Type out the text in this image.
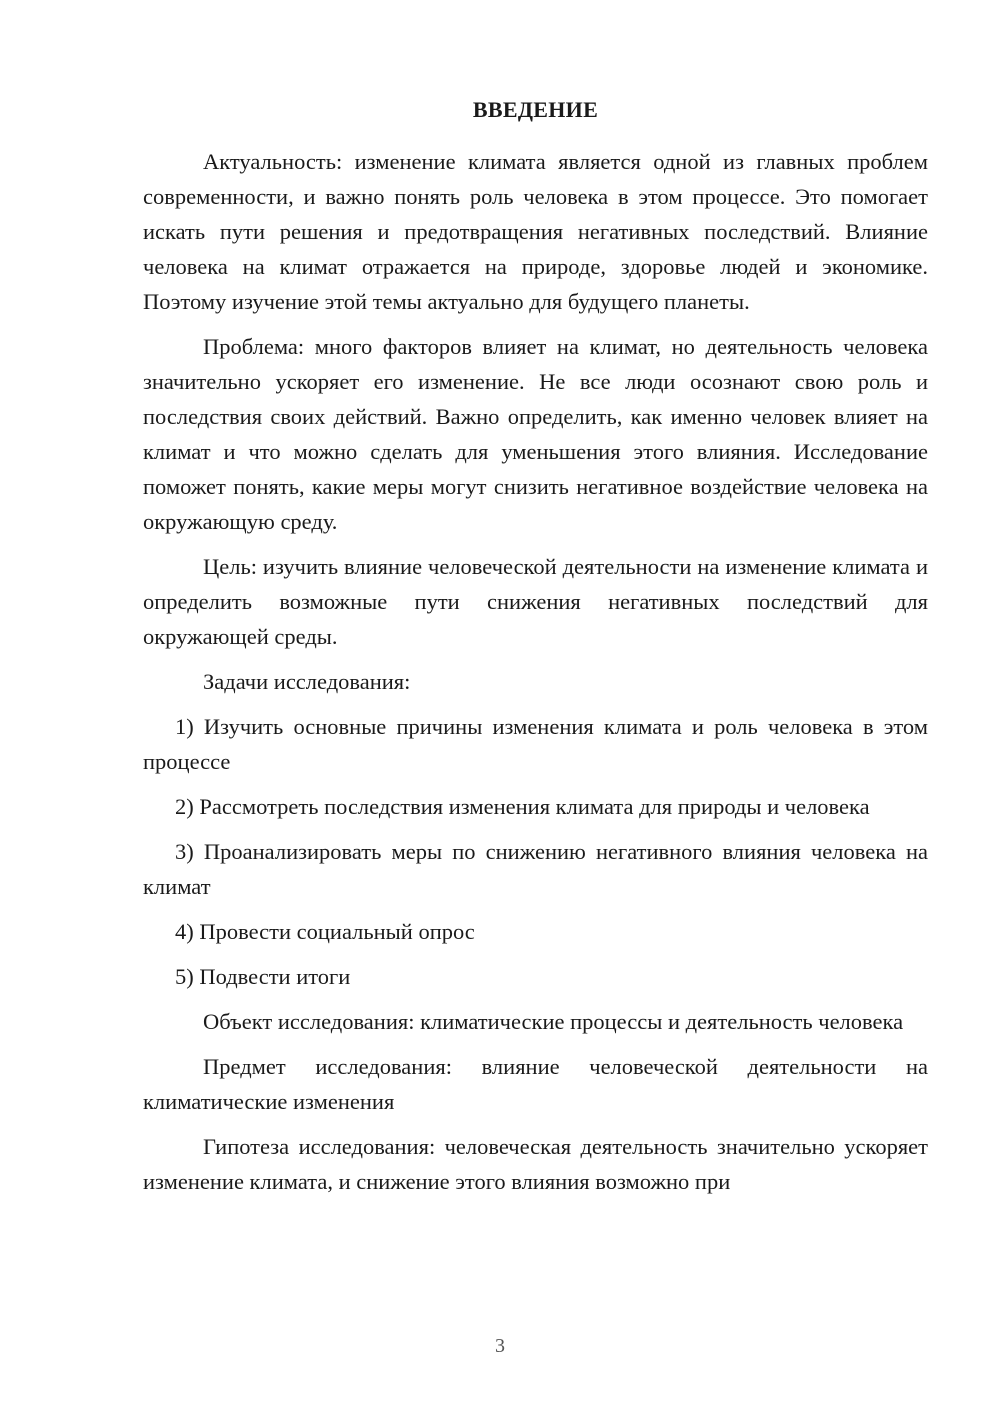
ВВЕДЕНИЕ

Актуальность: изменение климата является одной из главных проблем современности, и важно понять роль человека в этом процессе. Это помогает искать пути решения и предотвращения негативных последствий. Влияние человека на климат отражается на природе, здоровье людей и экономике. Поэтому изучение этой темы актуально для будущего планеты.

Проблема: много факторов влияет на климат, но деятельность человека значительно ускоряет его изменение. Не все люди осознают свою роль и последствия своих действий. Важно определить, как именно человек влияет на климат и что можно сделать для уменьшения этого влияния. Исследование поможет понять, какие меры могут снизить негативное воздействие человека на окружающую среду.

Цель: изучить влияние человеческой деятельности на изменение климата и определить возможные пути снижения негативных последствий для окружающей среды.

Задачи исследования:

1) Изучить основные причины изменения климата и роль человека в этом процессе

2) Рассмотреть последствия изменения климата для природы и человека

3) Проанализировать меры по снижению негативного влияния человека на климат

4) Провести социальный опрос

5) Подвести итоги

Объект исследования: климатические процессы и деятельность человека

Предмет исследования: влияние человеческой деятельности на климатические изменения

Гипотеза исследования: человеческая деятельность значительно ускоряет изменение климата, и снижение этого влияния возможно при

3
